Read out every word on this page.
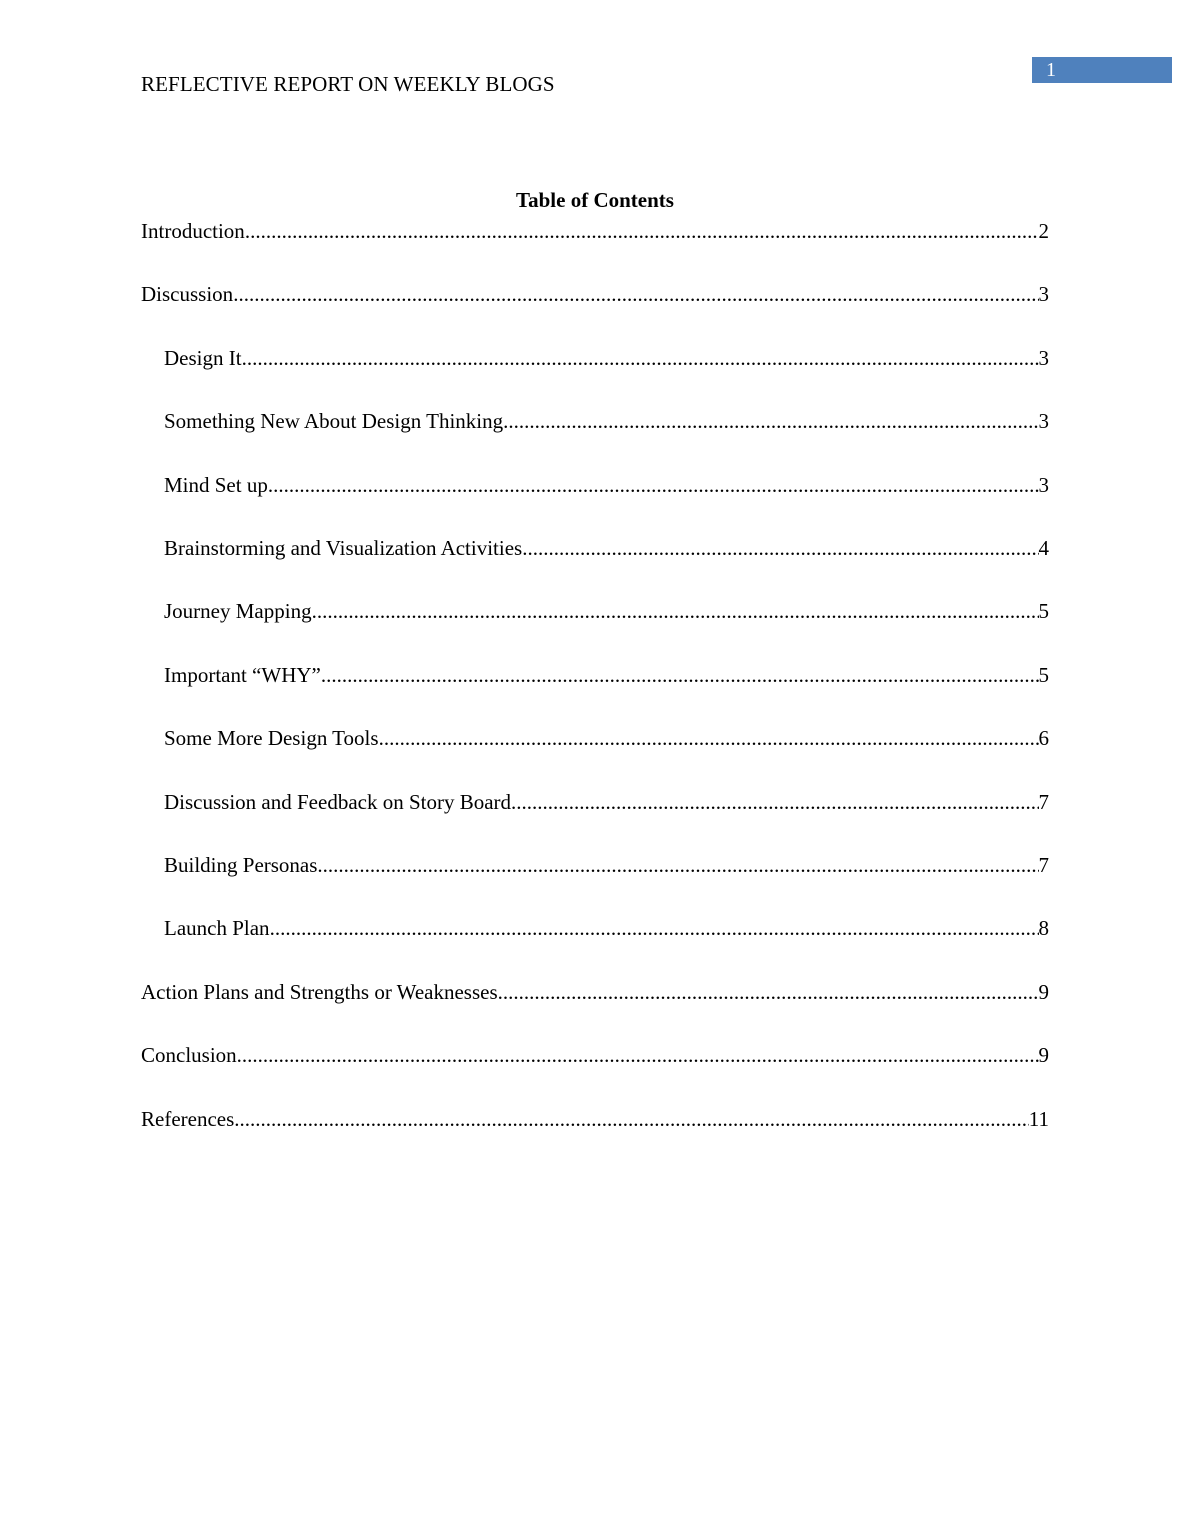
1
REFLECTIVE REPORT ON WEEKLY BLOGS
Table of Contents
Introduction .....	2
Discussion .....	3
Design It .....	3
Something New About Design Thinking .....	3
Mind Set up .....	3
Brainstorming and Visualization Activities .....	4
Journey Mapping .....	5
Important “WHY” .....	5
Some More Design Tools .....	6
Discussion and Feedback on Story Board .....	7
Building Personas .....	7
Launch Plan .....	8
Action Plans and Strengths or Weaknesses .....	9
Conclusion .....	9
References .....	11
